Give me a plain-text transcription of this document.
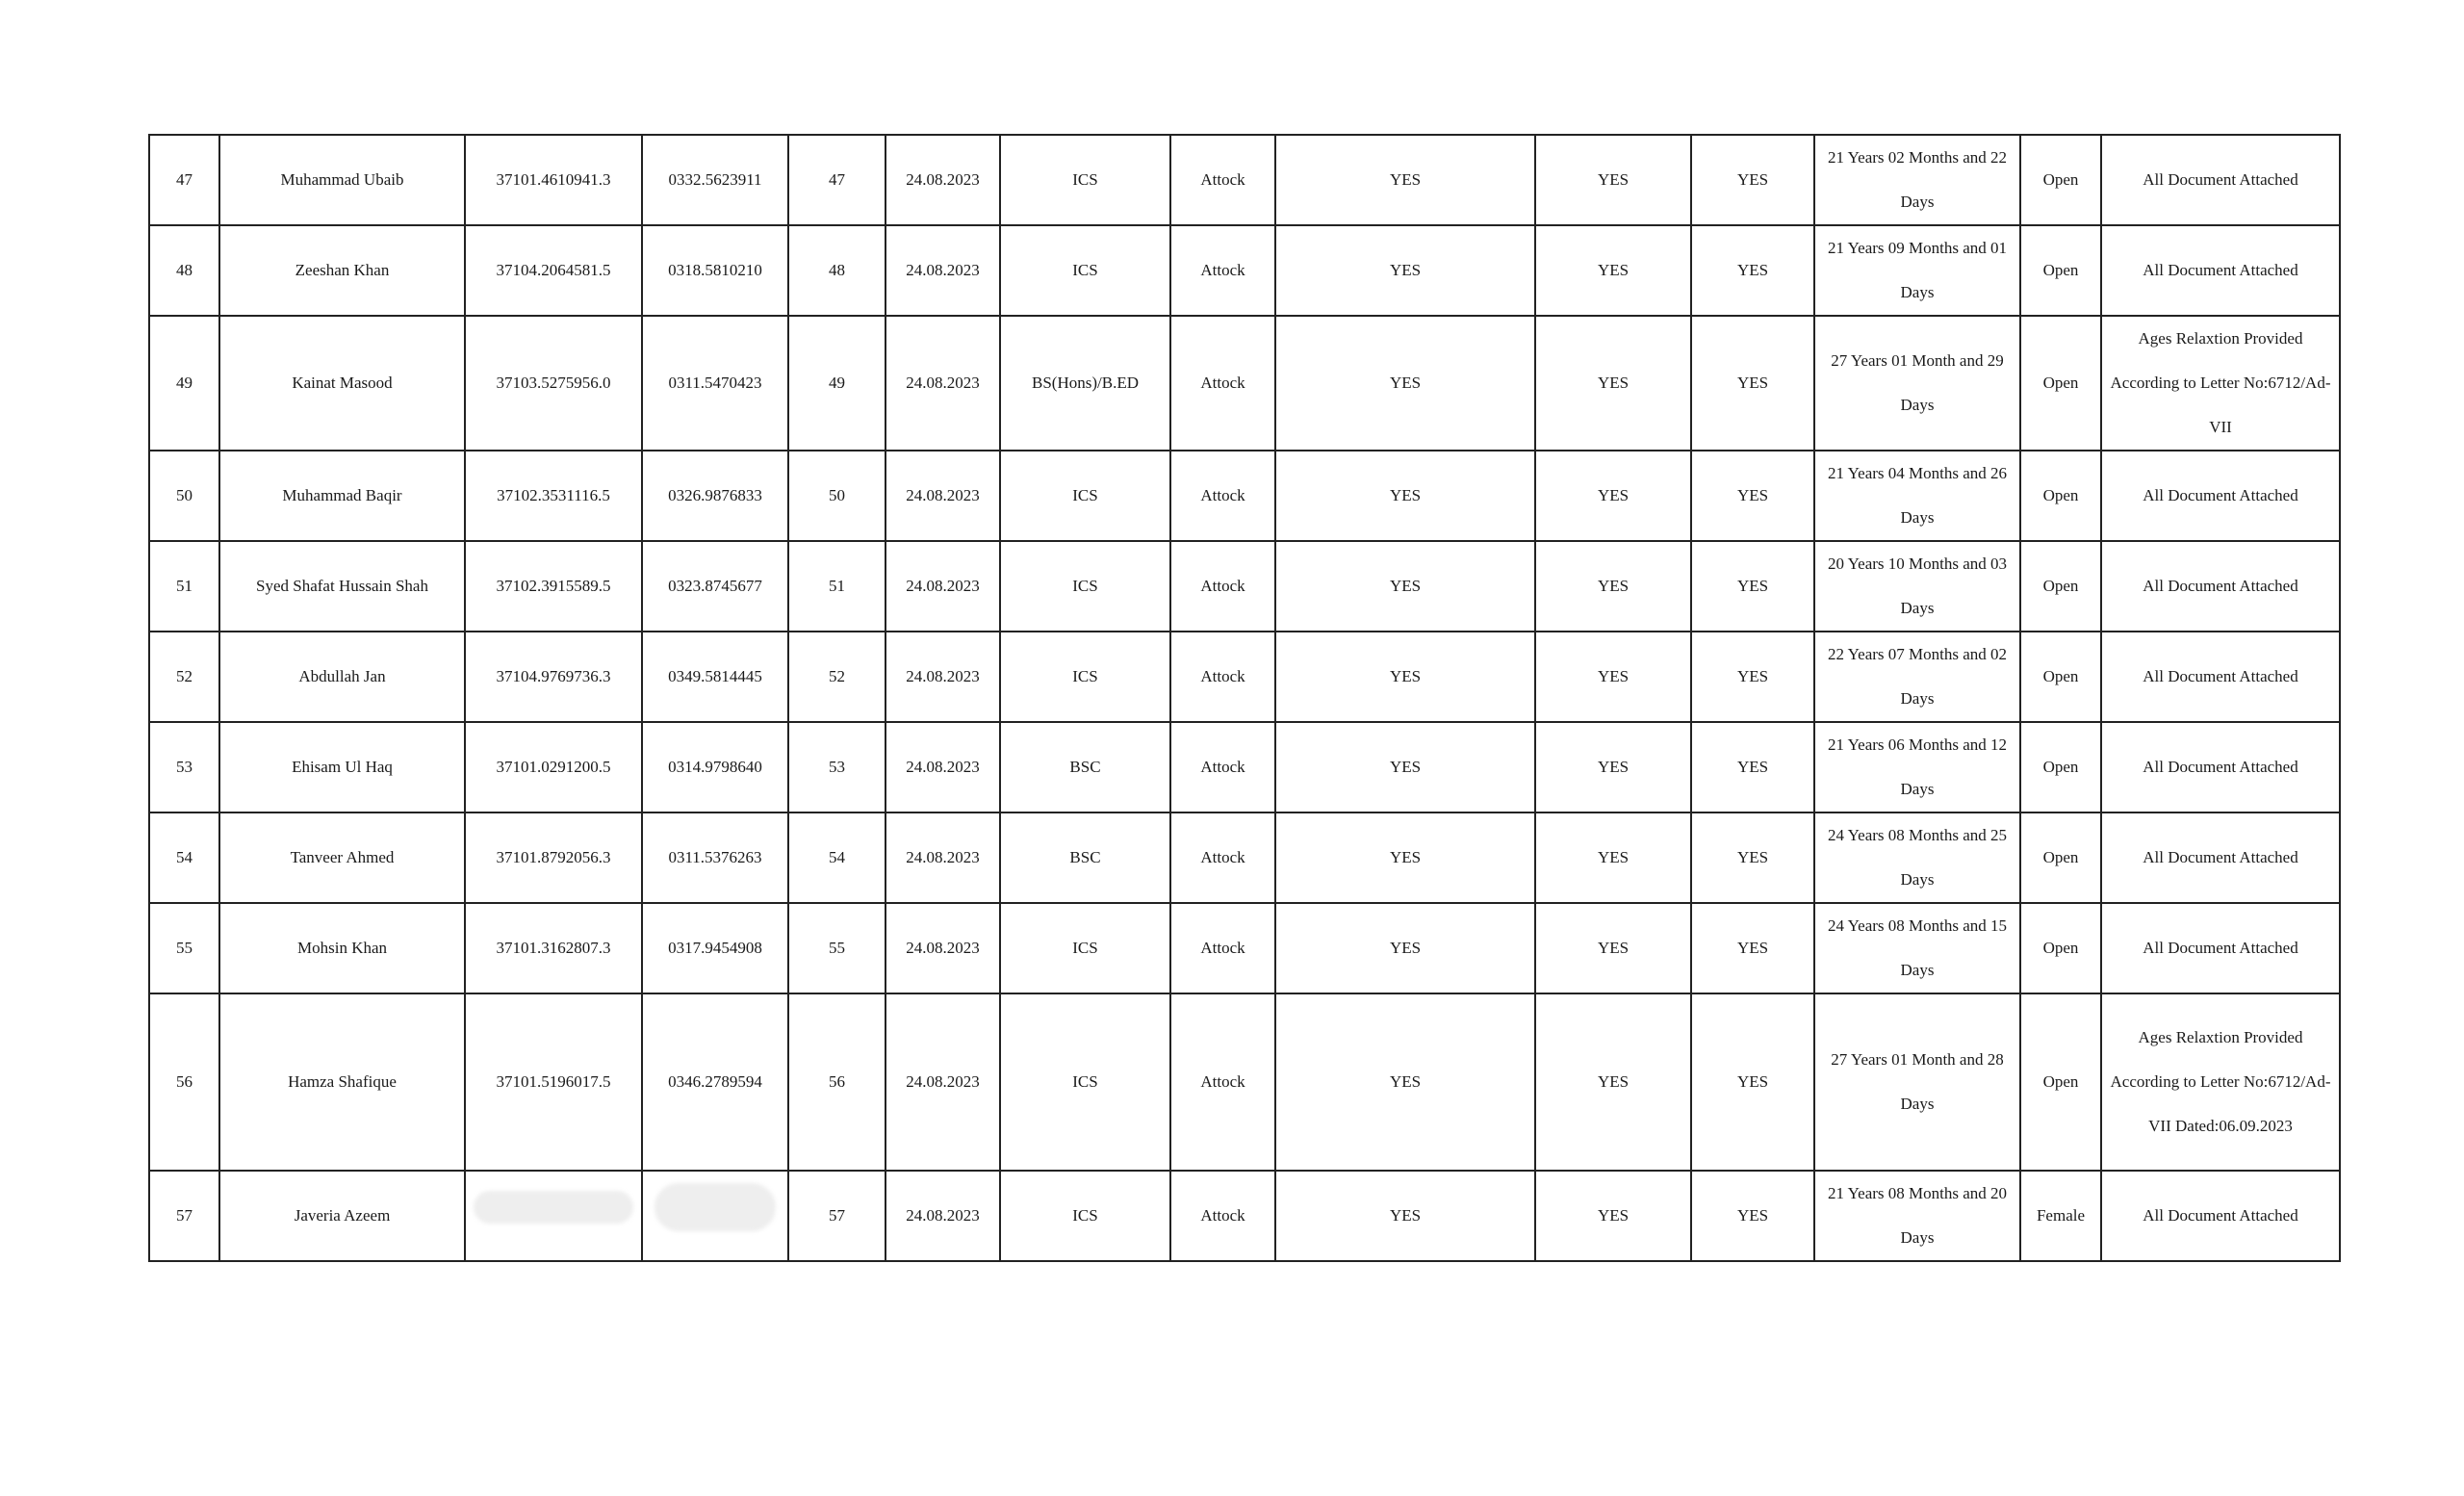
47	Muhammad Ubaib	37101.4610941.3	0332.5623911	47	24.08.2023	ICS	Attock	YES	YES	YES	21 Years 02 Months and 22 Days	Open	All Document Attached
48	Zeeshan Khan	37104.2064581.5	0318.5810210	48	24.08.2023	ICS	Attock	YES	YES	YES	21 Years 09 Months and 01 Days	Open	All Document Attached
49	Kainat Masood	37103.5275956.0	0311.5470423	49	24.08.2023	BS(Hons)/B.ED	Attock	YES	YES	YES	27 Years 01 Month and 29 Days	Open	Ages Relaxtion Provided According to Letter No:6712/Ad-VII
50	Muhammad Baqir	37102.3531116.5	0326.9876833	50	24.08.2023	ICS	Attock	YES	YES	YES	21 Years 04 Months and 26 Days	Open	All Document Attached
51	Syed Shafat Hussain Shah	37102.3915589.5	0323.8745677	51	24.08.2023	ICS	Attock	YES	YES	YES	20 Years 10 Months and 03 Days	Open	All Document Attached
52	Abdullah Jan	37104.9769736.3	0349.5814445	52	24.08.2023	ICS	Attock	YES	YES	YES	22 Years 07 Months and 02 Days	Open	All Document Attached
53	Ehisam Ul Haq	37101.0291200.5	0314.9798640	53	24.08.2023	BSC	Attock	YES	YES	YES	21 Years 06 Months and 12 Days	Open	All Document Attached
54	Tanveer Ahmed	37101.8792056.3	0311.5376263	54	24.08.2023	BSC	Attock	YES	YES	YES	24 Years 08 Months and 25 Days	Open	All Document Attached
55	Mohsin Khan	37101.3162807.3	0317.9454908	55	24.08.2023	ICS	Attock	YES	YES	YES	24 Years 08 Months and 15 Days	Open	All Document Attached
56	Hamza Shafique	37101.5196017.5	0346.2789594	56	24.08.2023	ICS	Attock	YES	YES	YES	27 Years 01 Month and 28 Days	Open	Ages Relaxtion Provided According to Letter No:6712/Ad-VII Dated:06.09.2023
57	Javeria Azeem			57	24.08.2023	ICS	Attock	YES	YES	YES	21 Years 08 Months and 20 Days	Female	All Document Attached
